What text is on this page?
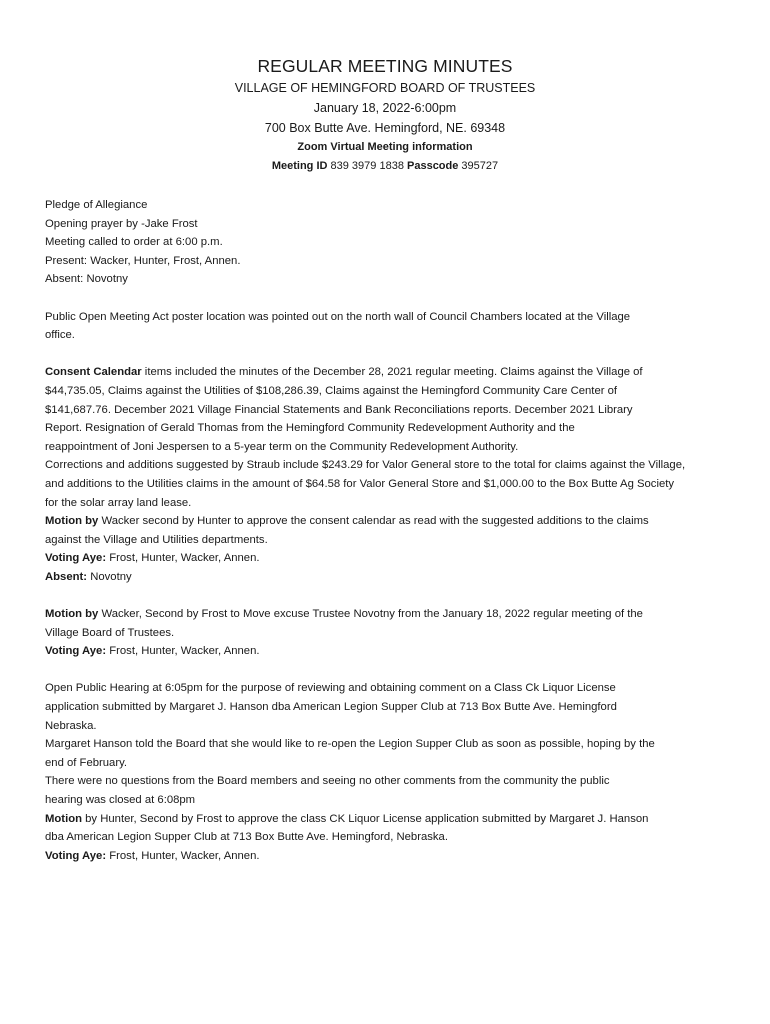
REGULAR MEETING MINUTES
VILLAGE OF HEMINGFORD BOARD OF TRUSTEES
January 18, 2022-6:00pm
700 Box Butte Ave. Hemingford, NE. 69348
Zoom Virtual Meeting information
Meeting ID 839 3979 1838 Passcode 395727

Pledge of Allegiance

Opening prayer by -Jake Frost

Meeting called to order at 6:00 p.m.

Present: Wacker, Hunter, Frost, Annen.

Absent: Novotny

Public Open Meeting Act poster location was pointed out on the north wall of Council Chambers located at the Village

office.

Consent Calendar items included the minutes of the December 28, 2021 regular meeting. Claims against the Village of

$44,735.05, Claims against the Utilities of $108,286.39, Claims against the Hemingford Community Care Center of

$141,687.76. December 2021 Village Financial Statements and Bank Reconciliations reports. December 2021 Library

Report. Resignation of Gerald Thomas from the Hemingford Community Redevelopment Authority and the

reappointment of Joni Jespersen to a 5-year term on the Community Redevelopment Authority.

Corrections and additions suggested by Straub include $243.29 for Valor General store to the total for claims against the Village,

and additions to the Utilities claims in the amount of $64.58 for Valor General Store and $1,000.00 to the Box Butte Ag Society

for the solar array land lease.

Motion by Wacker second by Hunter to approve the consent calendar as read with the suggested additions to the claims

against the Village and Utilities departments.

Voting Aye: Frost, Hunter, Wacker, Annen.

Absent: Novotny

Motion by Wacker, Second by Frost to Move excuse Trustee Novotny from the January 18, 2022 regular meeting of the

Village Board of Trustees.

Voting Aye: Frost, Hunter, Wacker, Annen.

Open Public Hearing at 6:05pm for the purpose of reviewing and obtaining comment on a Class Ck Liquor License

application submitted by Margaret J. Hanson dba American Legion Supper Club at 713 Box Butte Ave. Hemingford

Nebraska.

Margaret Hanson told the Board that she would like to re-open the Legion Supper Club as soon as possible, hoping by the

end of February.

There were no questions from the Board members and seeing no other comments from the community the public

hearing was closed at 6:08pm

Motion by Hunter, Second by Frost to approve the class CK Liquor License application submitted by Margaret J. Hanson

dba American Legion Supper Club at 713 Box Butte Ave. Hemingford, Nebraska.

Voting Aye: Frost, Hunter, Wacker, Annen.
